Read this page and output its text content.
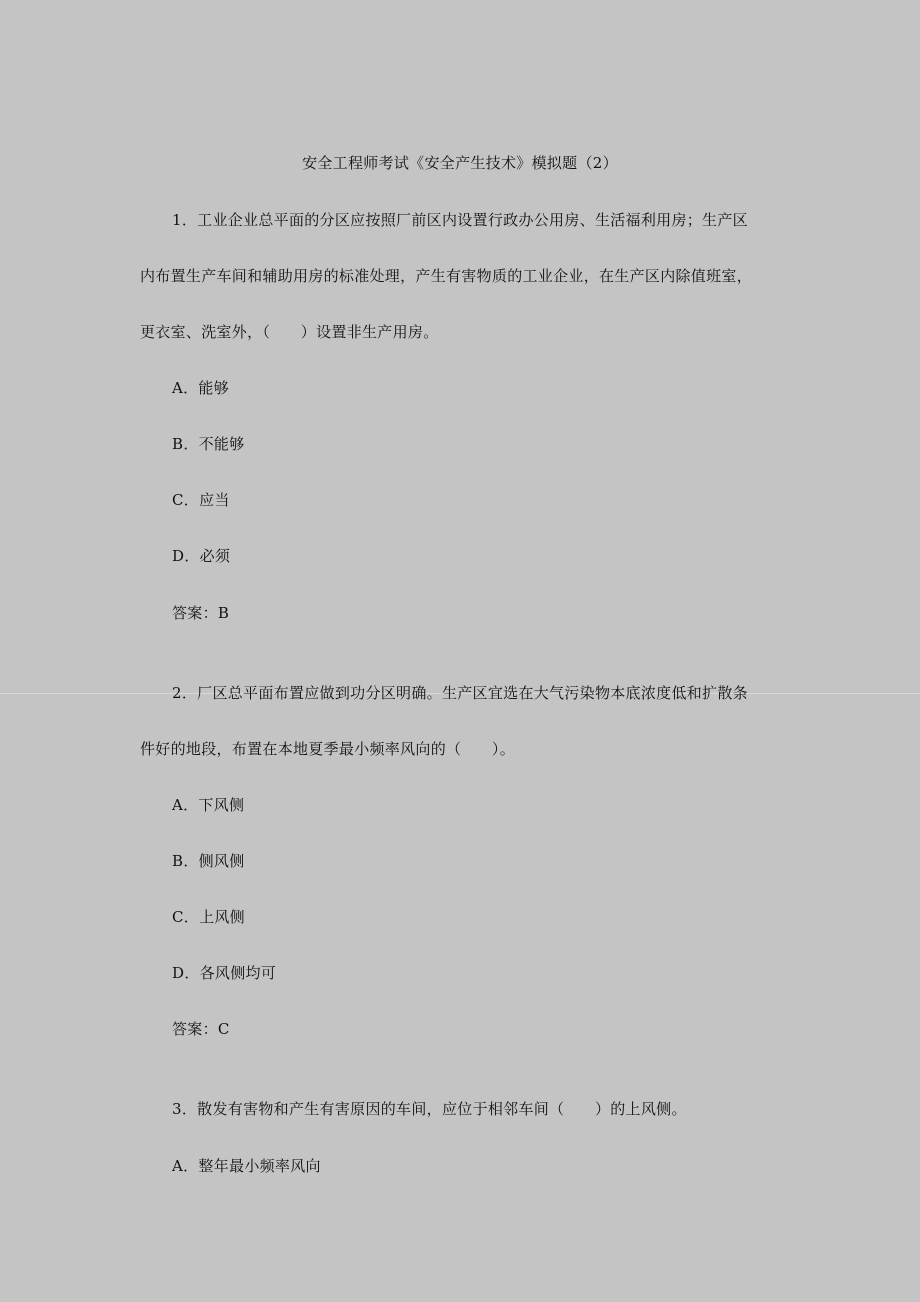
安全工程师考试《安全产生技术》模拟题（2）
1．工业企业总平面的分区应按照厂前区内设置行政办公用房、生活福利用房；生产区
内布置生产车间和辅助用房的标准处理，产生有害物质的工业企业，在生产区内除值班室，
更衣室、洗室外，（　　）设置非生产用房。
A．能够
B．不能够
C．应当
D．必须
答案：B
2．厂区总平面布置应做到功分区明确。生产区宜选在大气污染物本底浓度低和扩散条
件好的地段，布置在本地夏季最小频率风向的（　　）。
A．下风侧
B．侧风侧
C．上风侧
D．各风侧均可
答案：C
3．散发有害物和产生有害原因的车间，应位于相邻车间（　　）的上风侧。
A．整年最小频率风向
